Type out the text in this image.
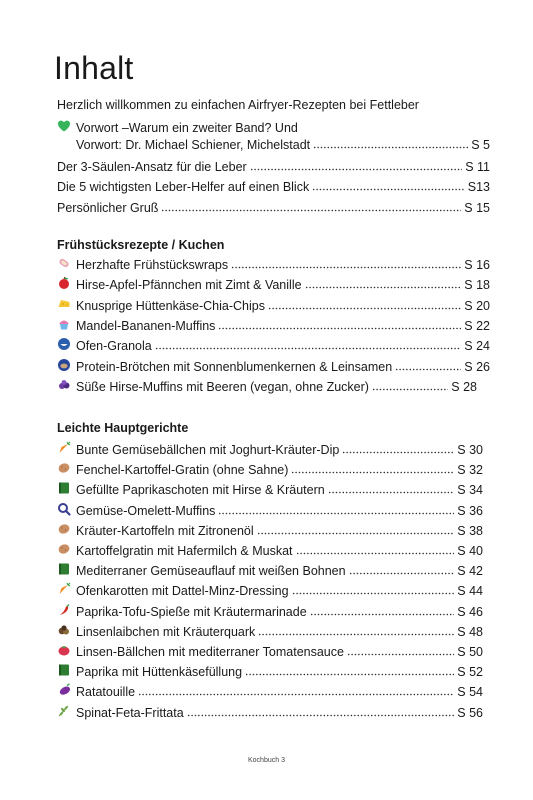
Inhalt
Herzlich willkommen zu einfachen Airfryer-Rezepten bei Fettleber
Vorwort –Warum ein zweiter Band? Und
Vorwort: Dr. Michael Schiener, Michelstadt	S 5
Der 3-Säulen-Ansatz für die Leber	S 11
Die 5 wichtigsten Leber-Helfer auf einen Blick	S13
Persönlicher Gruß	S 15
Frühstücksrezepte / Kuchen
Herzhafte Frühstückswraps	S 16
Hirse-Apfel-Pfännchen mit Zimt & Vanille	S 18
Knusprige Hüttenkäse-Chia-Chips	S 20
Mandel-Bananen-Muffins	S 22
Ofen-Granola	S 24
Protein-Brötchen mit Sonnenblumenkernen & Leinsamen	S 26
Süße Hirse-Muffins mit Beeren (vegan, ohne Zucker)	S 28
Leichte Hauptgerichte
Bunte Gemüsebällchen mit Joghurt-Kräuter-Dip	S 30
Fenchel-Kartoffel-Gratin (ohne Sahne)	S 32
Gefüllte Paprikaschoten mit Hirse & Kräutern	S 34
Gemüse-Omelett-Muffins	S 36
Kräuter-Kartoffeln mit Zitronenöl	S 38
Kartoffelgratin mit Hafermilch & Muskat	S 40
Mediterraner Gemüseauflauf mit weißen Bohnen	S 42
Ofenkarotten mit Dattel-Minz-Dressing	S 44
Paprika-Tofu-Spieße mit Kräutermarinade	S 46
Linsenlaibchen mit Kräuterquark	S 48
Linsen-Bällchen mit mediterraner Tomatensauce	S 50
Paprika mit Hüttenkäsefüllung	S 52
Ratatouille	S 54
Spinat-Feta-Frittata	S 56
Kochbuch 3
